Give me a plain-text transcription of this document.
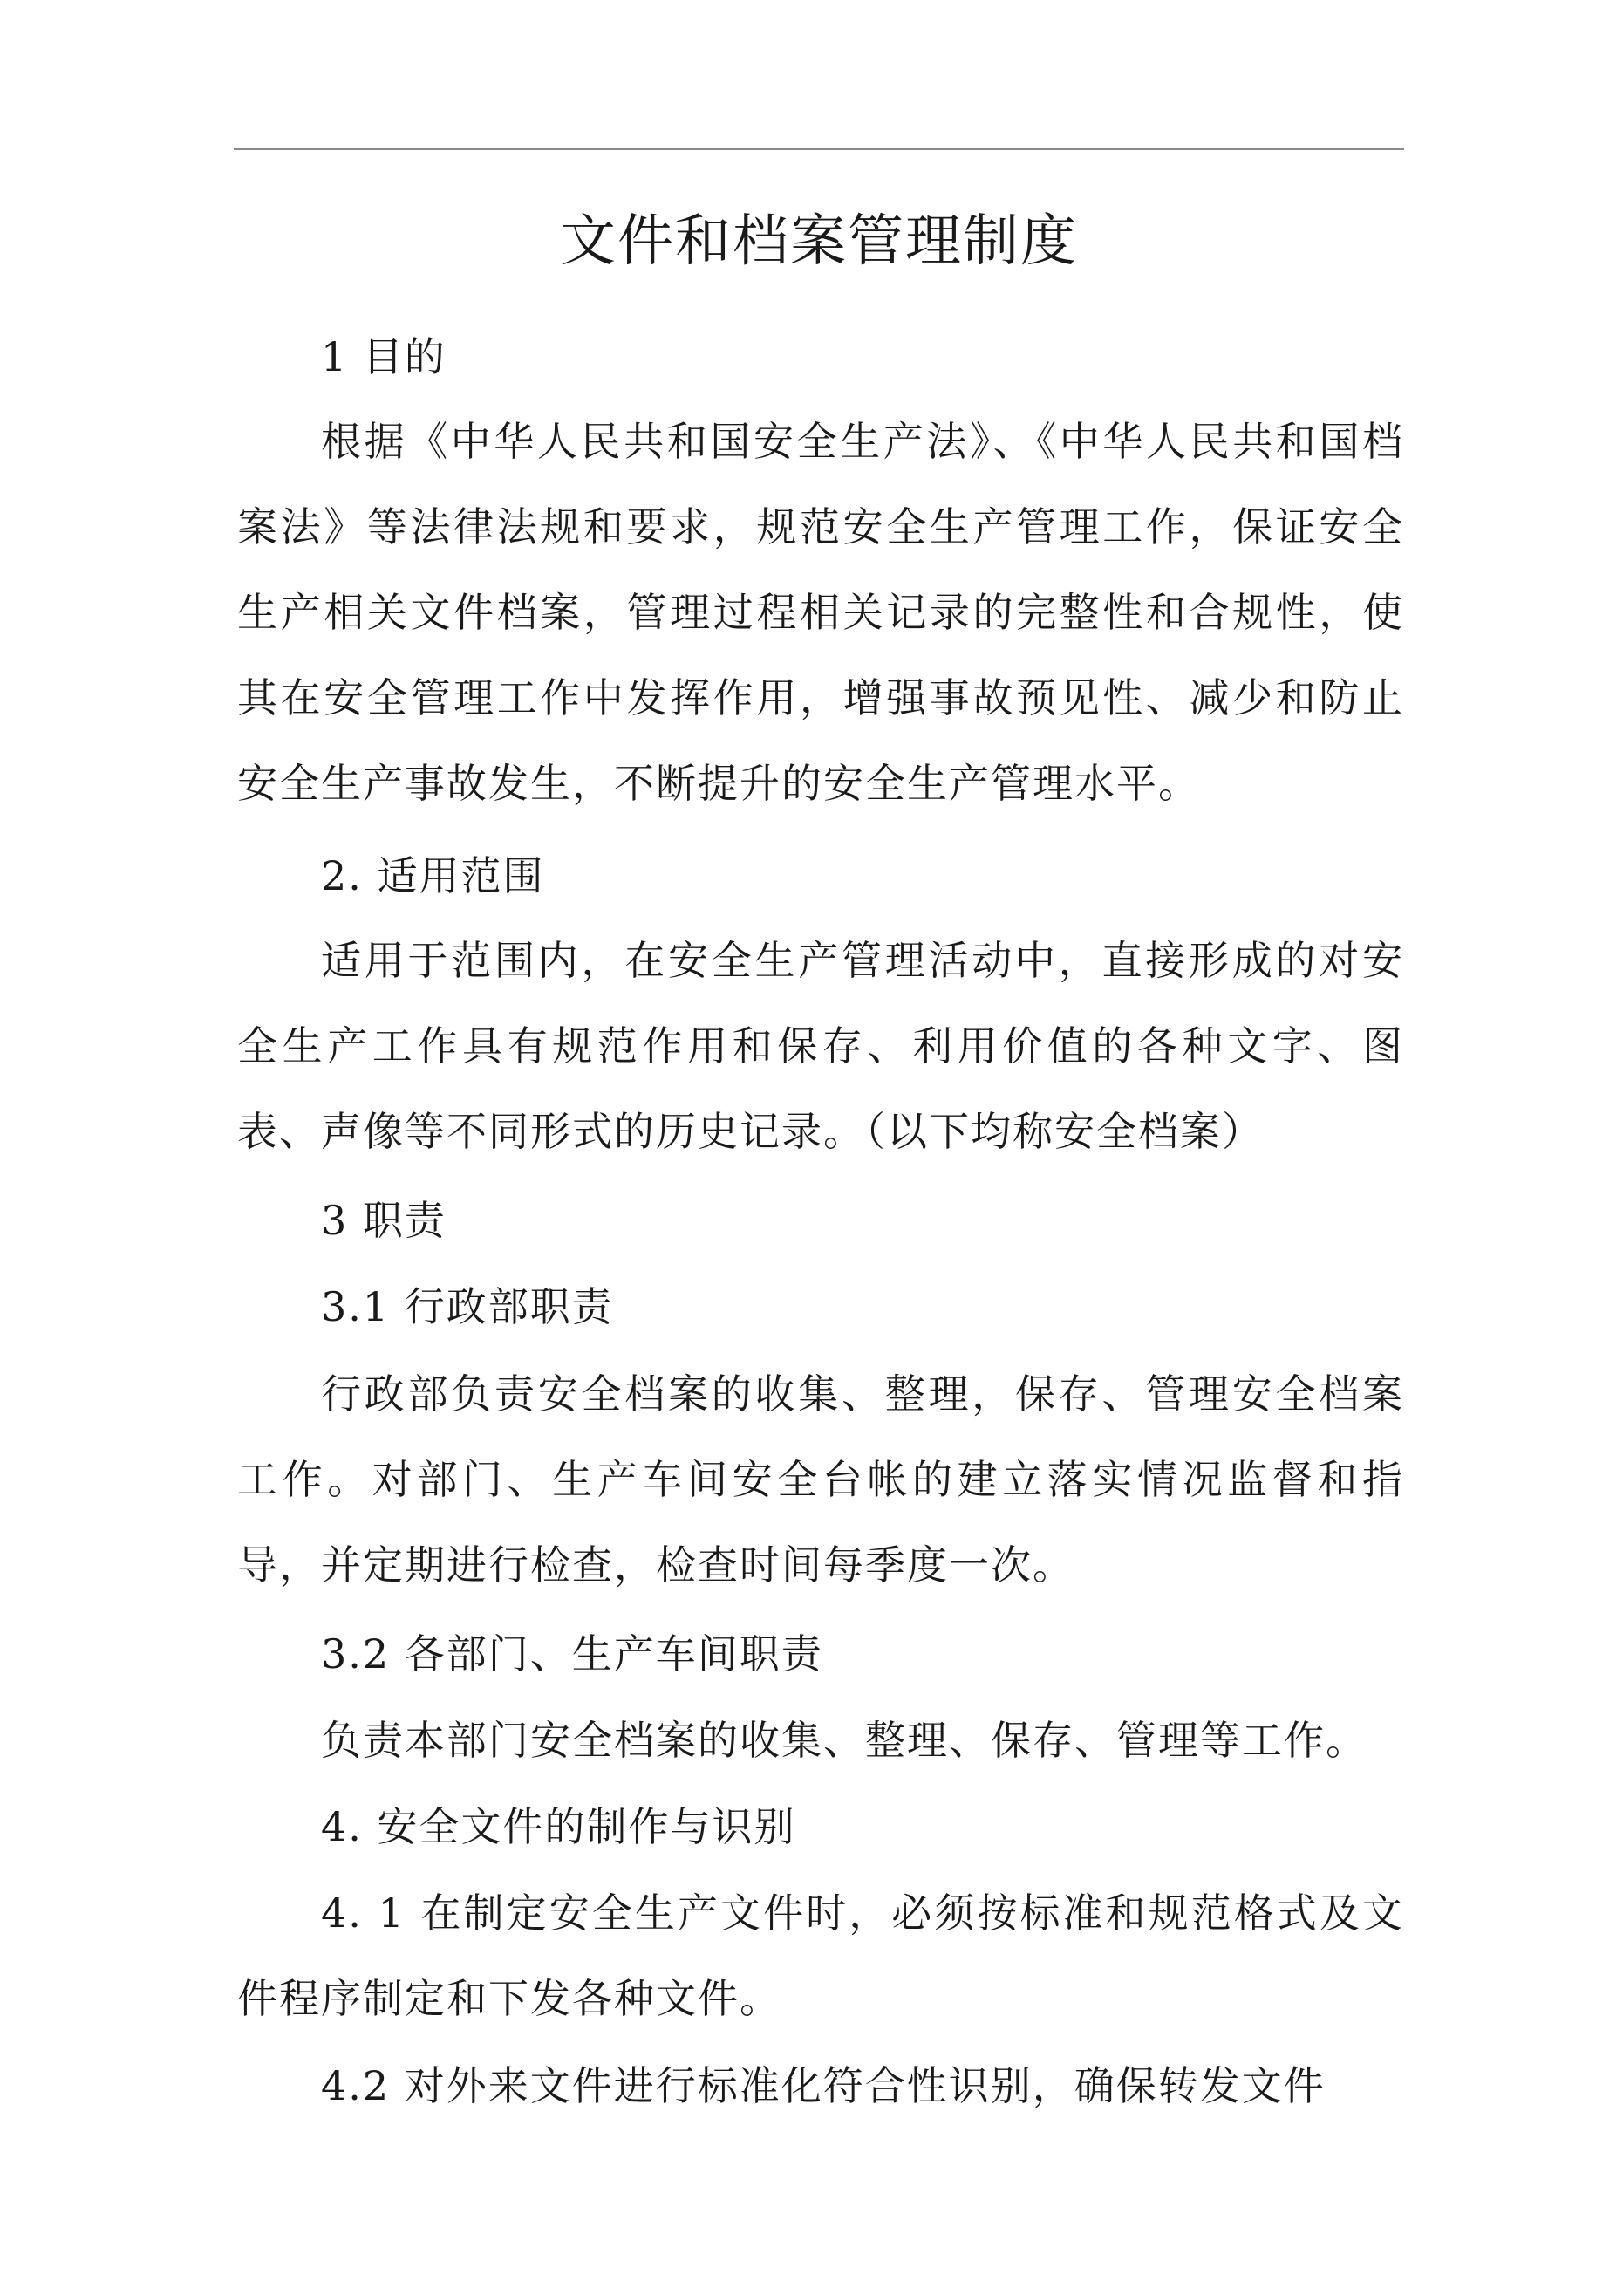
文件和档案管理制度
1 目的
根据《中华人民共和国安全生产法》、《中华人民共和国档案法》等法律法规和要求，规范安全生产管理工作，保证安全生产相关文件档案，管理过程相关记录的完整性和合规性，使其在安全管理工作中发挥作用，增强事故预见性、减少和防止安全生产事故发生，不断提升的安全生产管理水平。
2. 适用范围
适用于范围内，在安全生产管理活动中，直接形成的对安全生产工作具有规范作用和保存、利用价值的各种文字、图表、声像等不同形式的历史记录。（以下均称安全档案）
3 职责
3.1 行政部职责
行政部负责安全档案的收集、整理，保存、管理安全档案工作。对部门、生产车间安全台帐的建立落实情况监督和指导，并定期进行检查，检查时间每季度一次。
3.2 各部门、生产车间职责
负责本部门安全档案的收集、整理、保存、管理等工作。
4. 安全文件的制作与识别
4. 1 在制定安全生产文件时，必须按标准和规范格式及文件程序制定和下发各种文件。
4.2 对外来文件进行标准化符合性识别，确保转发文件
